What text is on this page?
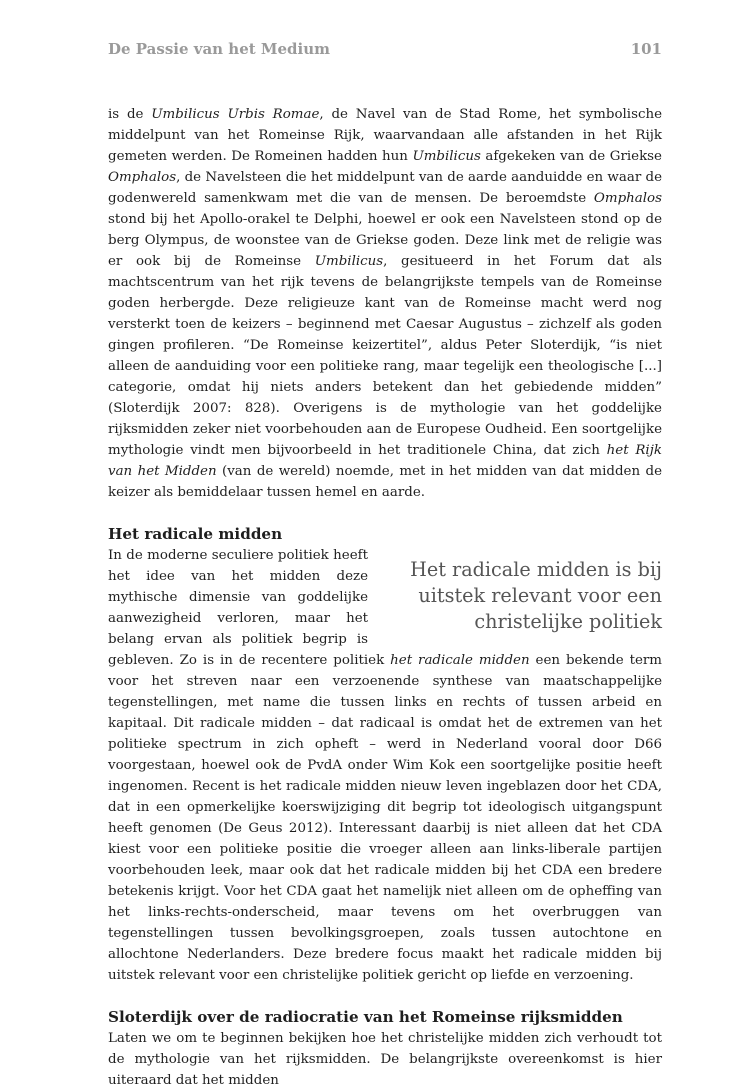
De Passie van het Medium	101

is de Umbilicus Urbis Romae, de Navel van de Stad Rome, het symbolische middelpunt van het Romeinse Rijk, waarvandaan alle afstanden in het Rijk gemeten werden. De Romeinen hadden hun Umbilicus afgekeken van de Griekse Omphalos, de Navelsteen die het middelpunt van de aarde aanduidde en waar de godenwereld samenkwam met die van de mensen. De beroemdste Omphalos stond bij het Apollo-orakel te Delphi, hoewel er ook een Navelsteen stond op de berg Olympus, de woonstee van de Griekse goden. Deze link met de religie was er ook bij de Romeinse Umbilicus, gesitueerd in het Forum dat als machtscentrum van het rijk tevens de belangrijkste tempels van de Romeinse goden herbergde. Deze religieuze kant van de Romeinse macht werd nog versterkt toen de keizers – beginnend met Caesar Augustus – zichzelf als goden gingen profileren. “De Romeinse keizertitel”, aldus Peter Sloterdijk, “is niet alleen de aanduiding voor een politieke rang, maar tegelijk een theologische [...] categorie, omdat hij niets anders betekent dan het gebiedende midden” (Sloterdijk 2007: 828). Overigens is de mythologie van het goddelijke rijksmidden zeker niet voorbehouden aan de Europese Oudheid. Een soortgelijke mythologie vindt men bijvoorbeeld in het traditionele China, dat zich het Rijk van het Midden (van de wereld) noemde, met in het midden van dat midden de keizer als bemiddelaar tussen hemel en aarde.

Het radicale midden

Het radicale midden is bij uitstek relevant voor een christelijke politiek
In de moderne seculiere politiek heeft het idee van het midden deze mythische dimensie van goddelijke aanwezigheid verloren, maar het belang ervan als politiek begrip is gebleven. Zo is in de recentere politiek het radicale midden een bekende term voor het streven naar een verzoenende synthese van maatschappelijke tegenstellingen, met name die tussen links en rechts of tussen arbeid en kapitaal. Dit radicale midden – dat radicaal is omdat het de extremen van het politieke spectrum in zich opheft – werd in Nederland vooral door D66 voorgestaan, hoewel ook de PvdA onder Wim Kok een soortgelijke positie heeft ingenomen. Recent is het radicale midden nieuw leven ingeblazen door het CDA, dat in een opmerkelijke koerswijziging dit begrip tot ideologisch uitgangspunt heeft genomen (De Geus 2012). Interessant daarbij is niet alleen dat het CDA kiest voor een politieke positie die vroeger alleen aan links-liberale partijen voorbehouden leek, maar ook dat het radicale midden bij het CDA een bredere betekenis krijgt. Voor het CDA gaat het namelijk niet alleen om de opheffing van het links-rechts-onderscheid, maar tevens om het overbruggen van tegenstellingen tussen bevolkingsgroepen, zoals tussen autochtone en allochtone Nederlanders. Deze bredere focus maakt het radicale midden bij uitstek relevant voor een christelijke politiek gericht op liefde en verzoening.

Sloterdijk over de radiocratie van het Romeinse rijksmidden

Laten we om te beginnen bekijken hoe het christelijke midden zich verhoudt tot de mythologie van het rijksmidden. De belangrijkste overeenkomst is hier uiteraard dat het midden
